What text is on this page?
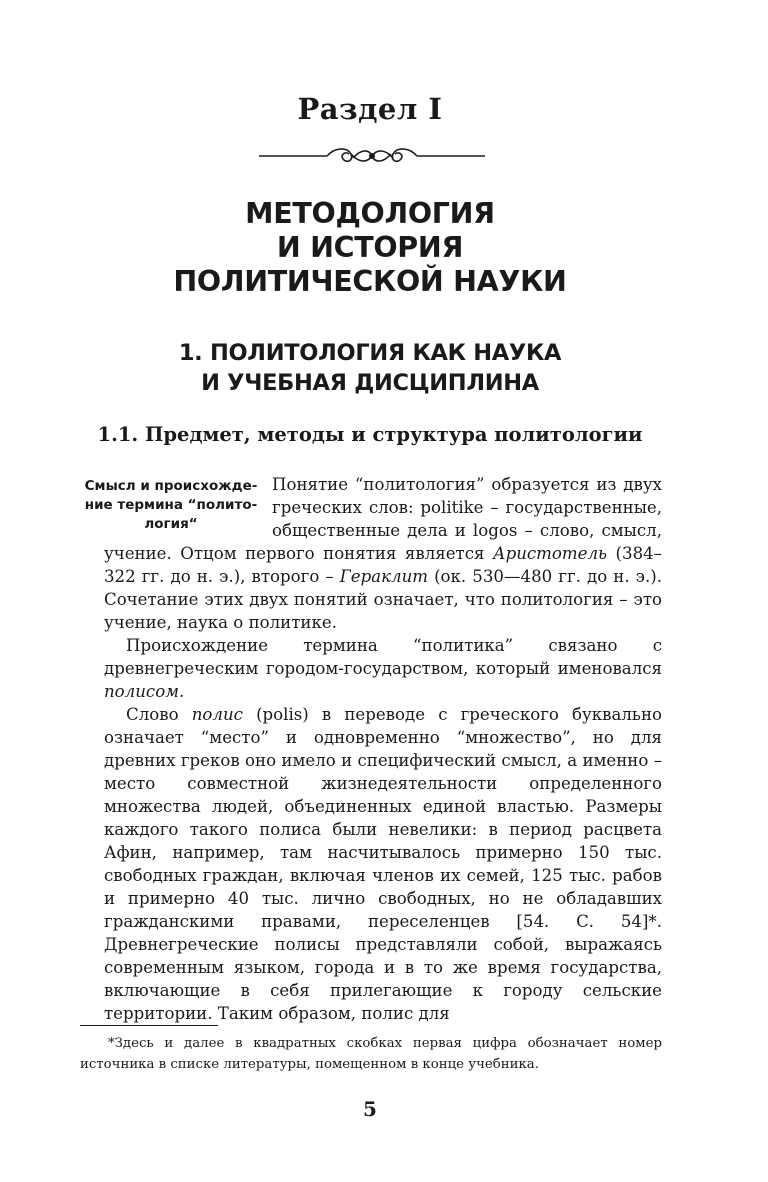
Раздел I
МЕТОДОЛОГИЯ
И ИСТОРИЯ
ПОЛИТИЧЕСКОЙ НАУКИ
1. ПОЛИТОЛОГИЯ КАК НАУКА
И УЧЕБНАЯ ДИСЦИПЛИНА
1.1. Предмет, методы и структура политологии
Смысл и происхожде-ние термина “полито-логия“

Понятие “политология” образуется из двух греческих слов: politike – государственные, общественные дела и logos – слово, смысл, учение. Отцом первого понятия является Аристотель (384–322 гг. до н. э.), второго – Гераклит (ок. 530—480 гг. до н. э.). Сочетание этих двух понятий означает, что политология – это учение, наука о политике.

Происхождение термина “политика” связано с древнегреческим городом-государством, который именовался полисом.

Слово полис (polis) в переводе с греческого буквально означает “место” и одновременно “множество”, но для древних греков оно имело и специфический смысл, а именно – место совместной жизнедеятельности определенного множества людей, объединенных единой властью. Размеры каждого такого полиса были невелики: в период расцвета Афин, например, там насчитывалось примерно 150 тыс. свободных граждан, включая членов их семей, 125 тыс. рабов и примерно 40 тыс. лично свободных, но не обладавших гражданскими правами, переселенцев [54. С. 54]*. Древнегреческие полисы представляли собой, выражаясь современным языком, города и в то же время государства, включающие в себя прилегающие к городу сельские территории. Таким образом, полис для

*Здесь и далее в квадратных скобках первая цифра обозначает номер источника в списке литературы, помещенном в конце учебника.

5
